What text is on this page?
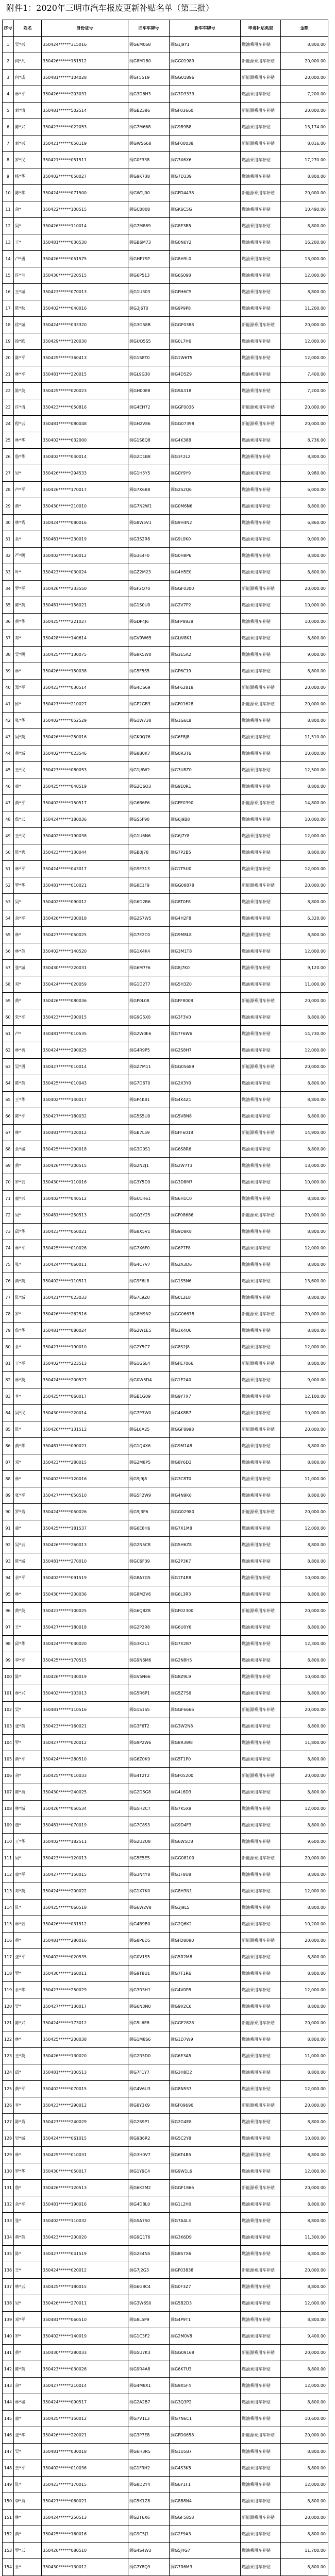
附件1：2020年三明市汽车报废更新补贴名单（第三批）
序号	姓名	身份证号	旧车车牌号	新车车牌号	申请补贴类型	金额
1	吴*兴	350424******315016	闽G6M068	闽G1J9Y1	燃油乘用车补贴	8,800.00
2	何*凡	350426******151512	闽G8M1B0	闽GG01989	新能源乘用车补贴	20,000.00
3	何*成	350481******104028	闽GF5519	闽GG01896	新能源乘用车补贴	20,000.00
4	林*平	350426******203031	闽G3D6H3	闽G3D3333	燃油乘用车补贴	7,200.00
5	刘*清	350481******502514	闽GB2386	闽GF03660	新能源乘用车补贴	20,000.00
6	陈*兴	350423******022053	闽G7M668	闽G9B9B8	燃油乘用车补贴	13,174.00
7	刘*兴	350421******050119	闽GW5668	闽GF00038	新能源乘用车补贴	8,016.00
8	罗*民	350421******051511	闽G0F338	闽G3X6X6	燃油乘用车补贴	17,270.00
9	杨*华	350402******050027	闽G9K738	闽G7D339	燃油乘用车补贴	8,800.00
10	陈*华	350424******071500	闽GW1J00	闽GFD4438	新能源乘用车补贴	20,000.00
11	余*	350422******100515	闽GC0808	闽GK6C5G	燃油乘用车补贴	10,490.00
12	吴*	350426******110014	闽G7M889	闽G8E3B5	燃油乘用车补贴	8,800.00
13	王*	350481******030530	闽GB6M73	闽G0N6Y2	燃油乘用车补贴	16,200.00
14	卢*勇	350426******051575	闽GHF7SP	闽G8H9L0	燃油乘用车补贴	13,000.00
15	许*兰	350430******220515	闽G6P513	闽G6S098	燃油乘用车补贴	12,000.00
16	王*城	350423******070013	闽G1U303	闽GFH6C5	燃油乘用车补贴	8,800.00
17	陈*秋	350402******040016	闽G3J6T0	闽G9P9P8	燃油乘用车补贴	11,200.00
18	徐*城	350424******033320	闽G3G58B	闽GGF0388	新能源乘用车补贴	20,000.00
19	徐*欧	350429******120030	闽GUQ5S5	闽G0L7H6	燃油乘用车补贴	12,000.00
20	陈*平	350425******360413	闽G1S8T0	闽G1W6T5	燃油乘用车补贴	12,000.00
21	林*平	350481******220015	闽GL9G30	闽G4D5Z9	燃油乘用车补贴	7,400.00
22	陈*英	350425******020023	闽GH0088	闽G9A318	燃油乘用车补贴	7,200.00
23	许*清	350423******050816	闽G4EH72	闽GGF0036	新能源乘用车补贴	20,000.00
24	程*云	350481******080048	闽GH2V86	闽GG07398	新能源乘用车补贴	20,000.00
25	林*华	350402******032000	闽G1S8Q8	闽G4K388	燃油乘用车补贴	8,736.00
26	詹*华	350402******040014	闽G2D1B8	闽G3F2L2	燃油乘用车补贴	8,800.00
27	吴*	350426******294533	闽G1H5Y5	闽G0Y9Y9	燃油乘用车补贴	9,980.00
28	卢*平	350426******170017	闽G7X6B8	闽G2S2Q6	燃油乘用车补贴	6,000.00
29	黄*	350430******210010	闽G7N2W1	闽G0M6N6	燃油乘用车补贴	8,800.00
30	林*秀	350424******080016	闽G8W5V1	闽G9H4N2	燃油乘用车补贴	6,860.00
31	余*	350481******230019	闽G3S2R8	闽G9L0K0	燃油乘用车补贴	9,000.00
32	严*明	350402******150012	闽G3E4F0	闽G0H8P6	燃油乘用车补贴	8,800.00
33	叶*	350423******030024	闽GZ2M23	闽G4H5E0	燃油乘用车补贴	8,800.00
34	罗*平	350426******233550	闽GF2Q70	闽GGF0300	新能源乘用车补贴	20,000.00
35	陈*英	350481******156021	闽G1S0U0	闽G2V7P2	燃油乘用车补贴	10,000.00
36	黄*华	350425******221027	闽GDP4J6	闽GFP8838	燃油乘用车补贴	10,000.00
37	邓*	350428******140614	闽GV9W65	闽GLW8K1	燃油乘用车补贴	8,800.00
38	吴*明	350425******130075	闽G8K5W0	闽G3E5A2	燃油乘用车补贴	9,000.00
39	林*	350426******150038	闽G5F5S5	闽GP6C19	燃油乘用车补贴	8,800.00
40	郑*平	350423******030514	闽G4D669	闽GF62818	新能源乘用车补贴	20,000.00
41	邱*	350427******210027	闽GP2GB3	闽GF01628	新能源乘用车补贴	20,000.00
42	张*华	350402******052529	闽G1W738	闽G1G6L8	燃油乘用车补贴	8,800.00
43	吴*英	350426******250016	闽GK0Q76	闽G6F8J8	燃油乘用车补贴	11,510.00
44	黄*城	350402******023546	闽G8B0K7	闽G0R3T6	燃油乘用车补贴	10,000.00
45	王*民	350423******080053	闽G1J6W2	闽G3U8Z0	燃油乘用车补贴	12,500.00
46	童*	350425******040519	闽G2Q6Q3	闽G9E0R1	燃油乘用车补贴	8,800.00
47	黄*平	350402******150517	闽G6B6F6	闽GFE0390	新能源乘用车补贴	14,800.00
48	詹*云	350424******180036	闽GS5F90	闽G6J9B8	燃油乘用车补贴	10,000.00
49	王*民	350402******190038	闽G1U6N6	闽G6J7Y8	燃油乘用车补贴	12,000.00
50	陈*秀	350423******130044	闽GB0J78	闽G7P2B5	燃油乘用车补贴	8,800.00
51	林*平	350424******043017	闽G9E313	闽G1T5U0	燃油乘用车补贴	12,000.00
52	罗*华	350481******010021	闽G8E1F9	闽GG08878	新能源乘用车补贴	20,000.00
53	吴*	350402******090012	闽G6D2B6	闽G8T0F8	燃油乘用车补贴	8,800.00
54	余*平	350426******200018	闽G2S7W5	闽G4H2F8	燃油乘用车补贴	6,320.00
55	林*	350427******050025	闽G7E2C0	闽G9M8L8	燃油乘用车补贴	8,800.00
56	林*英	350402******140520	闽G1X4K4	闽G3M1T8	燃油乘用车补贴	12,000.00
57	张*城	350430******220031	闽G6M7F6	闽G8J7K0	燃油乘用车补贴	9,120.00
58	邓*	350424******020059	闽G1D2T7	闽G5H3Z0	燃油乘用车补贴	11,000.00
59	黄*	350426******080036	闽GP0L08	闽GFF8008	新能源乘用车补贴	20,000.00
60	朱*平	350423******200015	闽G9G5X0	闽G3F3V0	燃油乘用车补贴	8,800.00
61	卢*	350481******010535	闽G2W0E6	闽G7F6W6	燃油乘用车补贴	14,730.00
62	林*秀	350424******290025	闽G4R9P5	闽G2S8H7	燃油乘用车补贴	12,000.00
63	吴*勇	350427******010014	闽GZ7M11	闽GG05689	新能源乘用车补贴	20,000.00
64	陈*英	350425******010043	闽G7D6T0	闽G2X3Y0	燃油乘用车补贴	8,800.00
65	王*华	350402******140017	闽GP4K81	闽G4K4Z1	燃油乘用车补贴	8,800.00
66	陈*平	350427******180032	闽G5S5U0	闽G5V8N8	燃油乘用车补贴	8,800.00
67	林*	350481******120012	闽GB7L59	闽GFF6018	新能源乘用车补贴	14,900.00
68	余*城	350425******200018	闽G3D0S1	闽G6S8R6	燃油乘用车补贴	8,800.00
69	黄*	350426******200515	闽G2N2J1	闽G2W7T3	燃油乘用车补贴	13,000.00
70	罗*云	350430******110016	闽G3Y5D9	闽G3D8M7	燃油乘用车补贴	10,000.00
71	童*兴	350402******040512	闽GU1H61	闽G6H1C0	燃油乘用车补贴	8,800.00
72	吴*	350481******250513	闽GQ3Y25	闽GF08686	新能源乘用车补贴	20,000.00
73	邱*华	350423******050021	闽G8X5V1	闽G9D8K8	燃油乘用车补贴	8,800.00
74	林*平	350425******010026	闽G7X6F0	闽G6P7F8	燃油乘用车补贴	12,000.00
75	张*	350424******060011	闽G4C7V7	闽G2A3D6	燃油乘用车补贴	8,800.00
76	黄*英	350402******110511	闽G9F6L8	闽G1S5N6	燃油乘用车补贴	13,600.00
77	陈*城	350421******023033	闽G7L9Z0	闽G0L2E8	燃油乘用车补贴	8,800.00
78	罗*	350426******262516	闽G8M9N2	闽GG06678	新能源乘用车补贴	20,000.00
79	詹*华	350481******080024	闽G2W1E5	闽G1K4U6	燃油乘用车补贴	8,800.00
80	余*	350427******190010	闽G2Y5C7	闽G8S2J8	燃油乘用车补贴	12,000.00
81	王*平	350402******223513	闽G1G6L4	闽GFE7066	新能源乘用车补贴	8,800.00
82	林*英	350424******200527	闽G0W5D4	闽G1E2A0	燃油乘用车补贴	9,000.00
83	李*	350425******060017	闽GB1G09	闽G9Y7X7	燃油乘用车补贴	12,100.00
84	吴*民	350430******220014	闽G7P3W0	闽G4K8B7	燃油乘用车补贴	10,000.00
85	陈*	350426******131512	闽GL6A25	闽GGF8998	新能源乘用车补贴	20,000.00
86	黄*华	350481******090021	闽G1Q4X6	闽G9M1A8	燃油乘用车补贴	8,800.00
87	邓*	350423******280015	闽G2M8P5	闽G8Y6D3	燃油乘用车补贴	8,800.00
88	林*	350402******120016	闽G9J9J8	闽G3C8T0	燃油乘用车补贴	11,000.00
89	张*平	350427******050510	闽G5F2W9	闽G4N9K6	燃油乘用车补贴	8,800.00
90	罗*秀	350424******050026	闽G9J3P6	闽GG02980	新能源乘用车补贴	20,000.00
91	童*	350425******181537	闽G6E8H6	闽G7X1M8	燃油乘用车补贴	12,000.00
92	吴*云	350426******260013	闽G2N5C8	闽G5H6Z8	燃油乘用车补贴	8,800.00
93	陈*城	350481******270010	闽GC6F39	闽G2P3K7	燃油乘用车补贴	8,800.00
94	余*平	350402******091519	闽G8A7G5	闽G1T4R8	燃油乘用车补贴	10,000.00
95	林*	350430******200036	闽G8M2V6	闽G6L3R3	燃油乘用车补贴	8,800.00
96	黄*英	350423******100025	闽G6Q8Z8	闽GF02300	新能源乘用车补贴	20,000.00
97	王*	350427******180018	闽G2P2R8	闽G6U0Y6	燃油乘用车补贴	8,800.00
98	邱*华	350424******030020	闽G3K2L1	闽G7X2B7	燃油乘用车补贴	12,300.00
99	李*平	350425******170515	闽G9N6M6	闽G2N8H5	燃油乘用车补贴	8,800.00
100	陈*	350426******130019	闽GV5N66	闽G8Z9L9	燃油乘用车补贴	10,000.00
101	林*兴	350402******103013	闽G5R6P1	闽G5Z7S6	燃油乘用车补贴	8,800.00
102	吴*	350481******110516	闽G1S1S5	闽GGF6666	新能源乘用车补贴	20,000.00
103	张*英	350423******160021	闽G3F6T2	闽G3W2N8	燃油乘用车补贴	8,800.00
104	罗*	350427******020012	闽G9P2W6	闽G8R3W8	燃油乘用车补贴	11,800.00
105	黄*平	350424******280510	闽G6Z0K9	闽G5T1P0	燃油乘用车补贴	8,800.00
106	余*	350425******010033	闽G4T2T2	闽GF05200	新能源乘用车补贴	20,000.00
107	陈*秀	350430******240025	闽G2D5G8	闽G4L6D3	燃油乘用车补贴	8,800.00
108	林*城	350426******050534	闽G5H2C7	闽G7K5X9	燃油乘用车补贴	12,000.00
109	詹*	350481******070019	闽G7C8S3	闽G9D4F3	燃油乘用车补贴	8,800.00
110	王*华	350402******182511	闽G2U2U8	闽G6W5D8	燃油乘用车补贴	9,600.00
111	吴*	350423******120013	闽G5E5E5	闽GG08100	新能源乘用车补贴	20,000.00
112	童*平	350427******150015	闽G3N4Y8	闽G1F8U8	燃油乘用车补贴	8,800.00
113	邓*英	350424******200022	闽G1X7K0	闽G8H3N1	燃油乘用车补贴	12,000.00
114	陈*	350425******060518	闽G6W2V8	闽G3J9L5	燃油乘用车补贴	8,800.00
115	林*云	350426******031512	闽G4B9B0	闽G2Q6K2	燃油乘用车补贴	10,200.00
116	黄*	350481******280016	闽G8P6D5	闽GFD8080	新能源乘用车补贴	20,000.00
117	张*平	350402******020535	闽G0V1S5	闽G5R2M8	燃油乘用车补贴	8,800.00
118	罗*	350430******160011	闽G9T8U1	闽G7T1R6	燃油乘用车补贴	8,800.00
119	余*华	350423******250029	闽G3R3H1	闽G4V0P8	燃油乘用车补贴	12,000.00
120	吴*	350427******130017	闽G6N3N0	闽G9V2C6	燃油乘用车补贴	8,800.00
121	陈*兴	350424******173012	闽G5L6E8	闽GGF2828	新能源乘用车补贴	20,000.00
122	林*	350425******200038	闽G1M8S6	闽G1D7W9	燃油乘用车补贴	8,800.00
123	王*英	350426******130020	闽G2R5D0	闽G6E3A5	燃油乘用车补贴	11,000.00
124	邱*	350481******100513	闽G7F1Y7	闽G3H8D2	燃油乘用车补贴	8,800.00
125	黄*平	350402******070015	闽G4V6U3	闽G8N5S7	燃油乘用车补贴	12,000.00
126	李*	350423******290012	闽G8Y3K9	闽GF09690	新能源乘用车补贴	20,000.00
127	陈*秀	350427******240029	闽G2S9P1	闽G2G4E8	燃油乘用车补贴	8,800.00
128	吴*城	350424******061015	闽G9B6R2	闽G5C2Y8	燃油乘用车补贴	10,800.00
129	林*	350425******010031	闽G3H0V7	闽G6T4B5	燃油乘用车补贴	8,800.00
130	罗*华	350430******050017	闽G1Y9C4	闽G9W1L6	燃油乘用车补贴	12,000.00
131	詹*	350426******120513	闽G6K2M2	闽GGF1866	新能源乘用车补贴	20,000.00
132	余*平	350481******190016	闽G4D8L0	闽G1L2H0	燃油乘用车补贴	8,800.00
133	张*	350402******110032	闽G5A7S0	闽G7A4L3	燃油乘用车补贴	8,800.00
134	黄*英	350423******200020	闽G9Q1T6	闽G3K6D9	燃油乘用车补贴	11,300.00
135	陈*	350427******041519	闽G2E4N5	闽G8S7X6	燃油乘用车补贴	8,800.00
136	王*	350424******020012	闽G7J2G3	闽GF03838	新能源乘用车补贴	20,000.00
137	林*云	350425******180015	闽G6G8C4	闽G0F3Z7	燃油乘用车补贴	8,800.00
138	吴*	350426******270011	闽G3W6S0	闽G5B2D3	燃油乘用车补贴	12,000.00
139	邓*平	350481******060510	闽G8L5P9	闽G4P9T1	燃油乘用车补贴	8,800.00
140	罗*	350402******140019	闽G1C3F2	闽G2M0V8	燃油乘用车补贴	9,400.00
141	黄*	350430******280033	闽G5U7K3	闽GG09168	新能源乘用车补贴	20,000.00
142	陈*英	350423******030026	闽G9R4A8	闽G6K7U3	燃油乘用车补贴	8,800.00
143	余*	350427******210014	闽G4M8X1	闽G9X5F4	燃油乘用车补贴	12,000.00
144	林*城	350424******090517	闽G2A2B7	闽G3Q3P2	燃油乘用车补贴	8,800.00
145	童*	350425******150012	闽G7V1L3	闽G7N6C1	燃油乘用车补贴	10,600.00
146	张*华	350426******220021	闽G3P7E8	闽GFD0658	新能源乘用车补贴	20,000.00
147	吴*	350481******030018	闽G6H3R5	闽G1U5B7	燃油乘用车补贴	8,800.00
148	王*平	350402******010036	闽G1F9H2	闽G4S3K5	燃油乘用车补贴	8,800.00
149	陈*	350423******170015	闽G8D2Y4	闽G6Y1F1	燃油乘用车补贴	12,000.00
150	李*秀	350427******060021	闽G5K1Z8	闽G8B8N4	燃油乘用车补贴	8,800.00
151	林*	350424******250513	闽G2T6X6	闽GGF5858	新能源乘用车补贴	20,000.00
152	黄*	350425******160016	闽G9C5J1	闽G2F9A3	燃油乘用车补贴	8,800.00
153	罗*云	350426******080510	闽G4S4W3	闽G5J4G7	燃油乘用车补贴	11,700.00
154	余*	350430******130012	闽G7Y8Q9	闽G7R6M3	燃油乘用车补贴	8,800.00
